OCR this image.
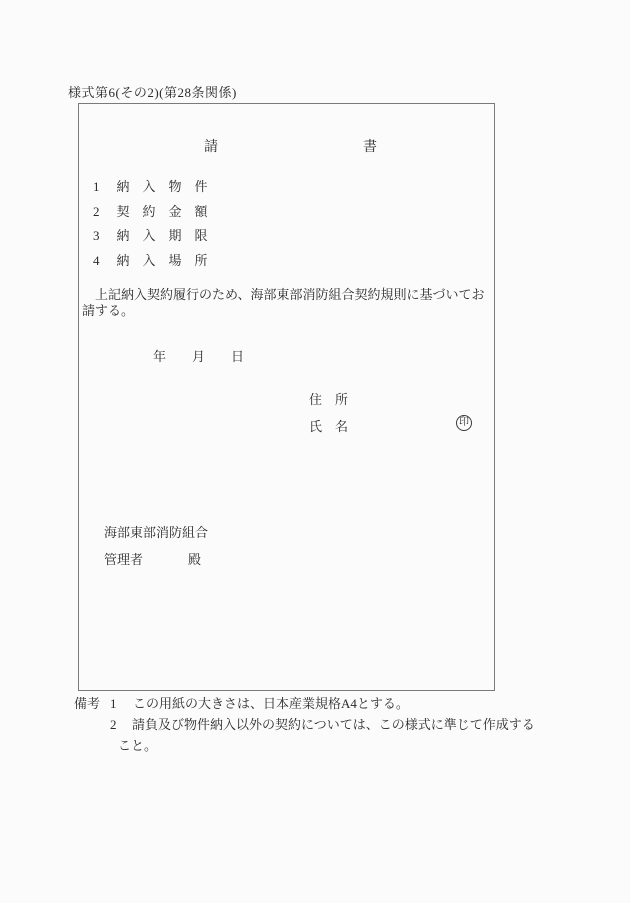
様式第6(その2)(第28条関係)
請	書
1 納　入　物　件
2 契　約　金　額
3 納　入　期　限
4 納　入　場　所

上記納入契約履行のため、海部東部消防組合契約規則に基づいてお請する。

年　　月　　日
住　所
氏　名	印
海部東部消防組合
管理者	殿
備考 1 この用紙の大きさは、日本産業規格A4とする。
2 請負及び物件納入以外の契約については、この様式に準じて作成する
こと。
